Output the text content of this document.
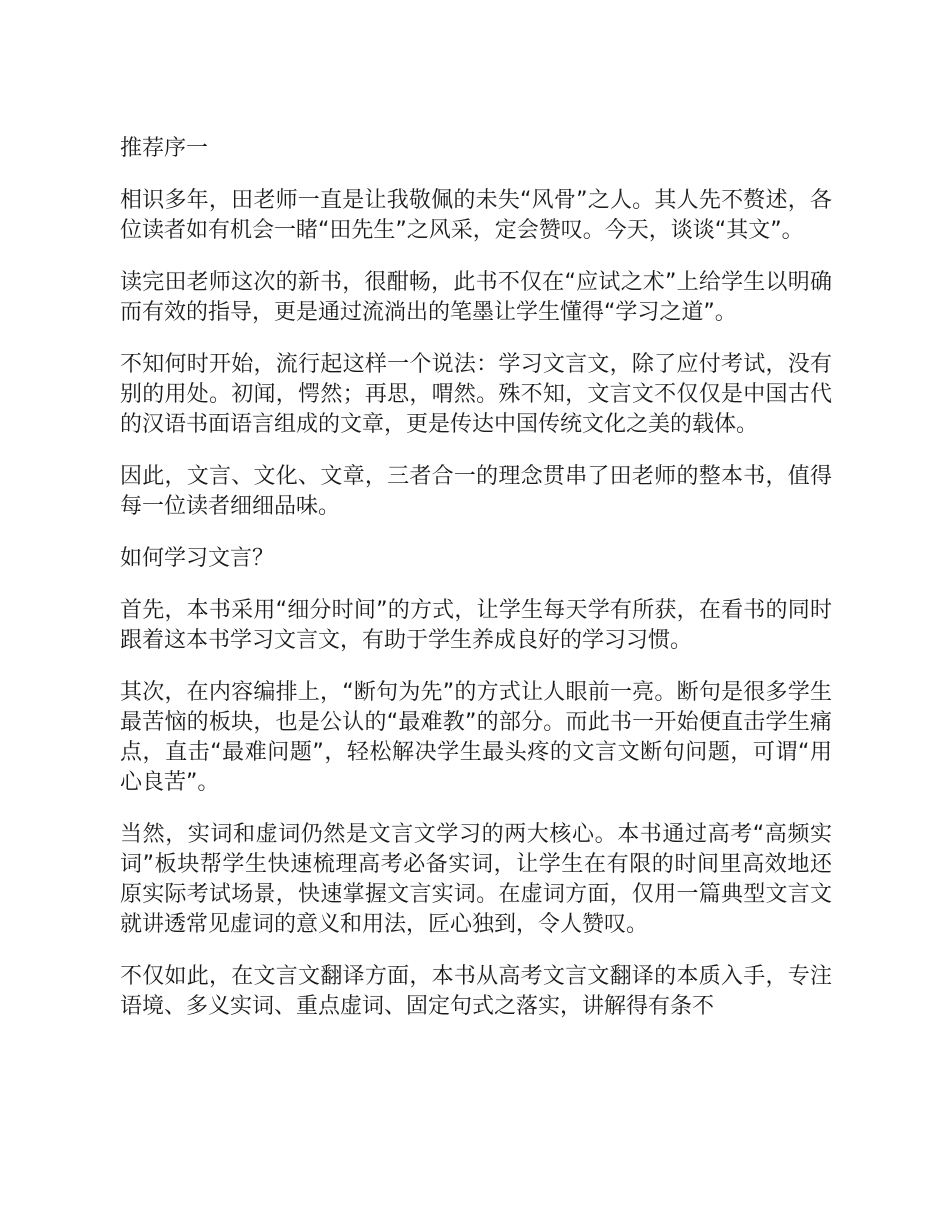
推荐序一

相识多年，田老师一直是让我敬佩的未失“风骨”之人。其人先不赘述，各位读者如有机会一睹“田先生”之风采，定会赞叹。今天，谈谈“其文”。

读完田老师这次的新书，很酣畅，此书不仅在“应试之术”上给学生以明确而有效的指导，更是通过流淌出的笔墨让学生懂得“学习之道”。

不知何时开始，流行起这样一个说法：学习文言文，除了应付考试，没有别的用处。初闻，愕然；再思，喟然。殊不知，文言文不仅仅是中国古代的汉语书面语言组成的文章，更是传达中国传统文化之美的载体。

因此，文言、文化、文章，三者合一的理念贯串了田老师的整本书，值得每一位读者细细品味。

如何学习文言？

首先，本书采用“细分时间”的方式，让学生每天学有所获，在看书的同时跟着这本书学习文言文，有助于学生养成良好的学习习惯。

其次，在内容编排上，“断句为先”的方式让人眼前一亮。断句是很多学生最苦恼的板块，也是公认的“最难教”的部分。而此书一开始便直击学生痛点，直击“最难问题”，轻松解决学生最头疼的文言文断句问题，可谓“用心良苦”。

当然，实词和虚词仍然是文言文学习的两大核心。本书通过高考“高频实词”板块帮学生快速梳理高考必备实词，让学生在有限的时间里高效地还原实际考试场景，快速掌握文言实词。在虚词方面，仅用一篇典型文言文就讲透常见虚词的意义和用法，匠心独到，令人赞叹。

不仅如此，在文言文翻译方面，本书从高考文言文翻译的本质入手，专注语境、多义实词、重点虚词、固定句式之落实，讲解得有条不
